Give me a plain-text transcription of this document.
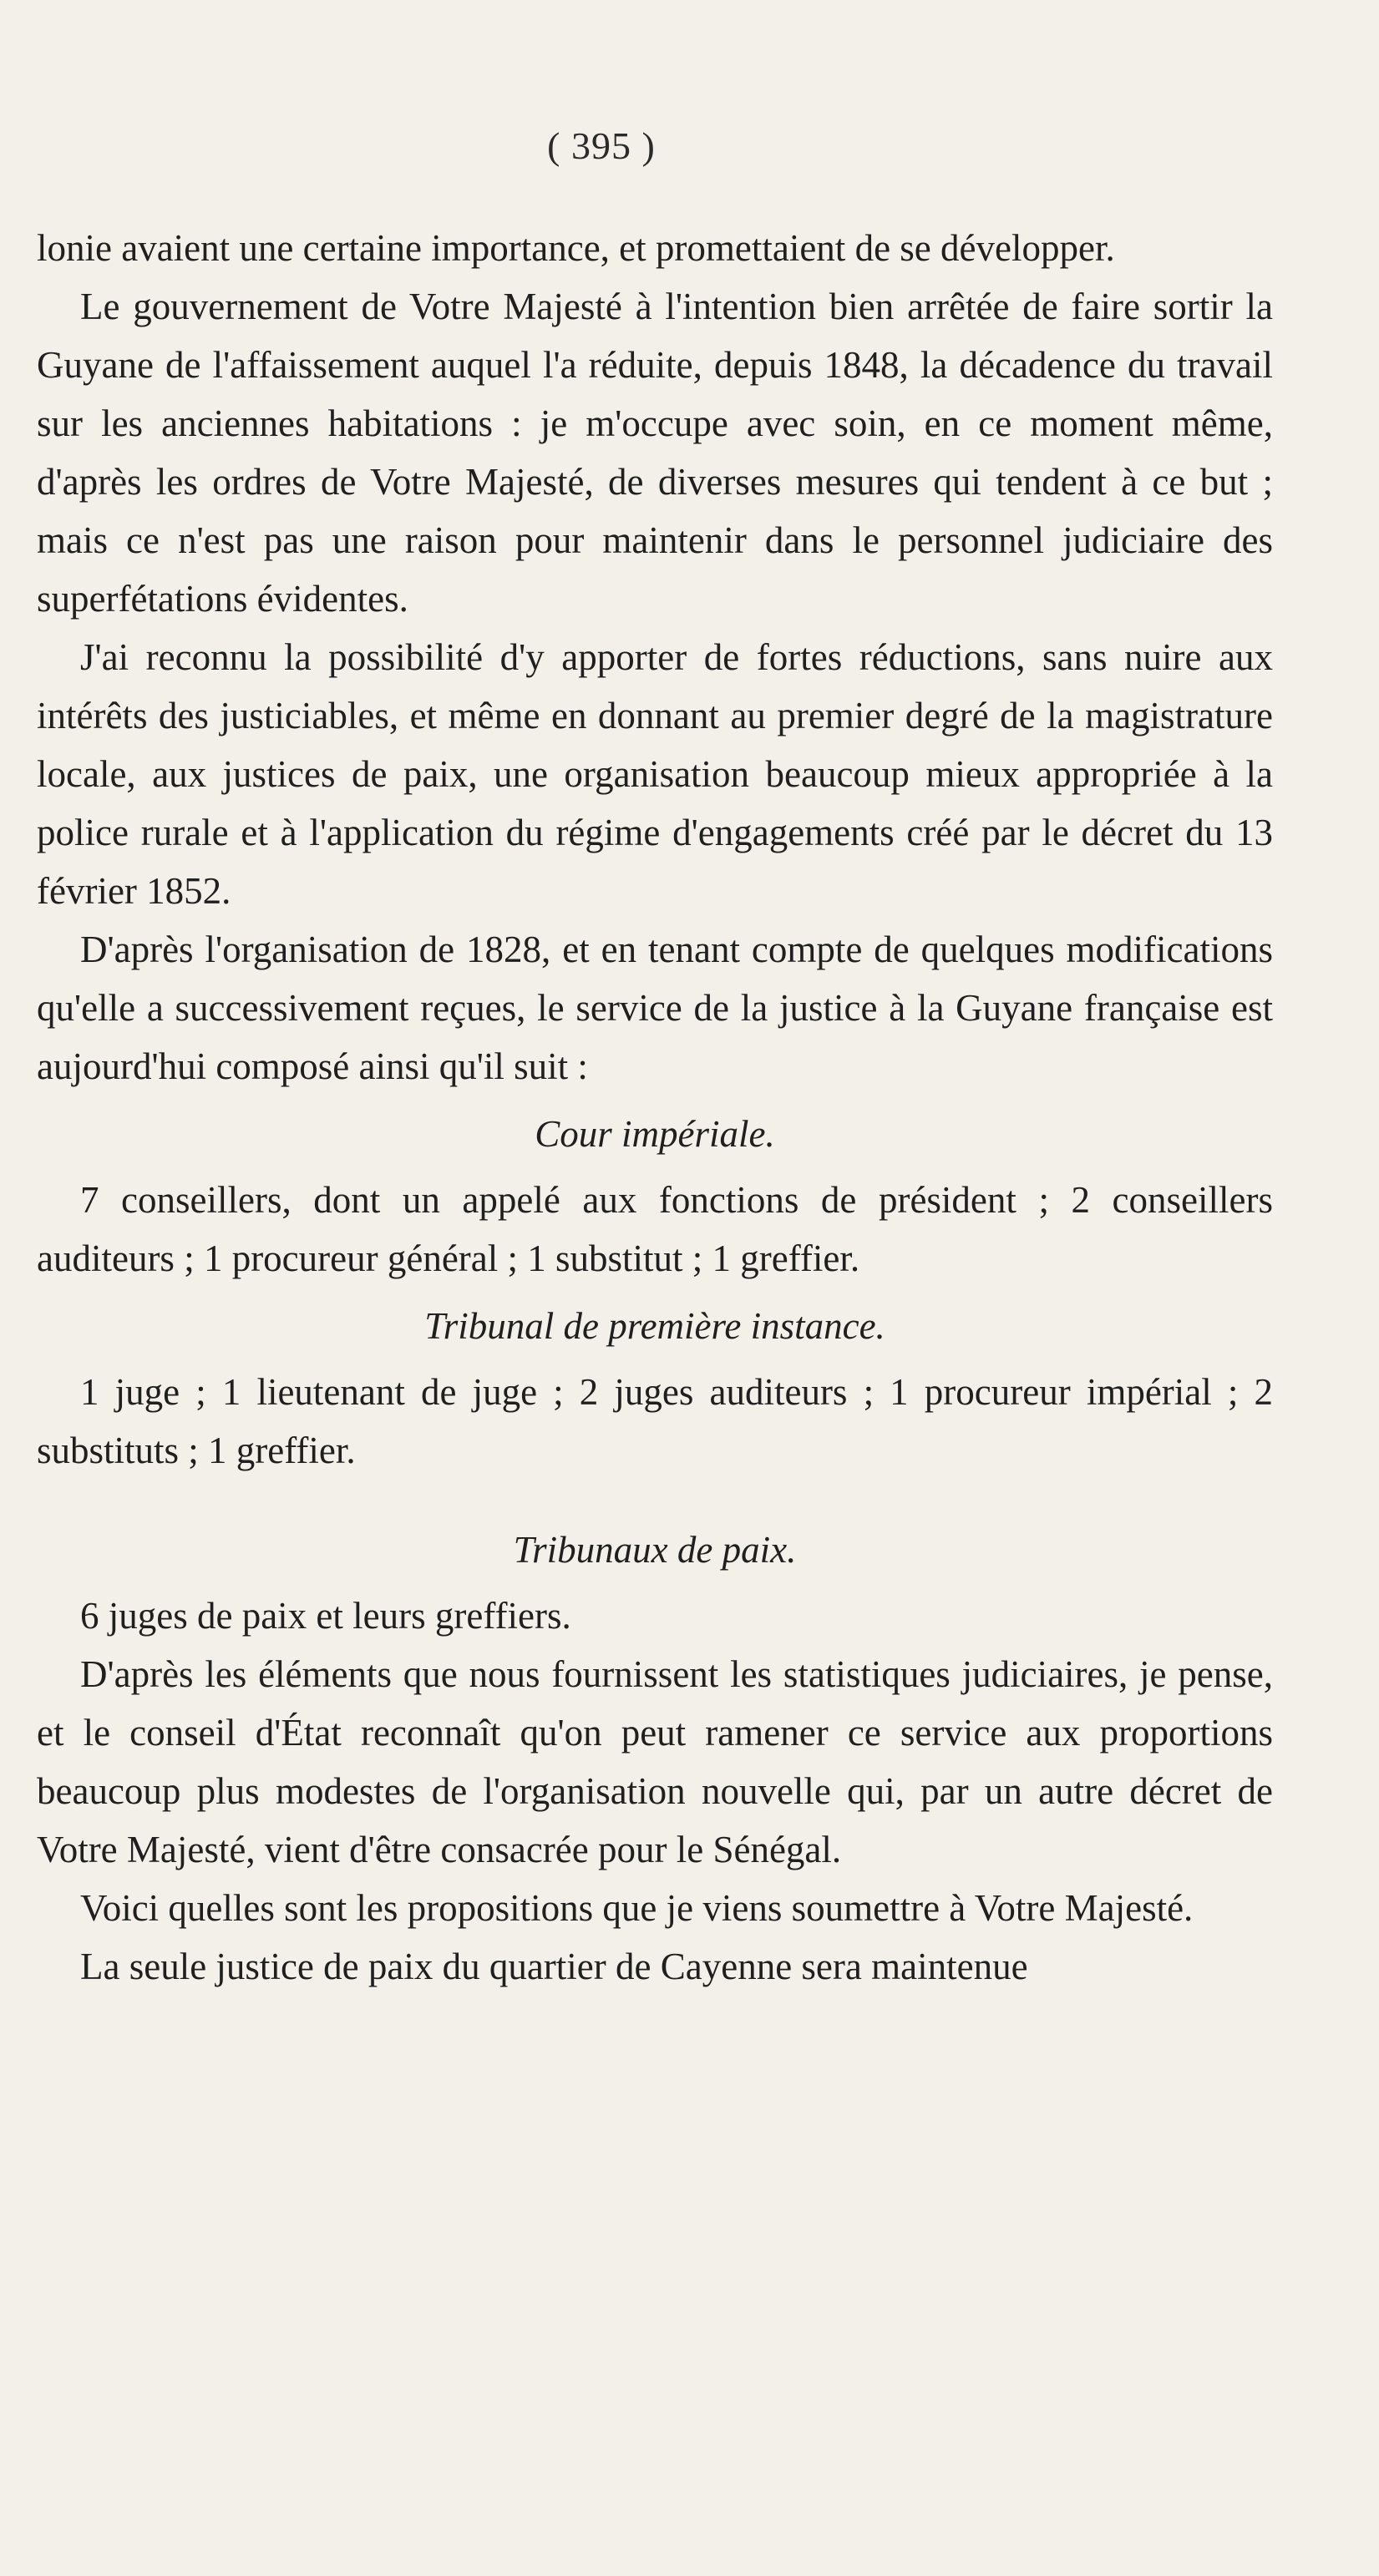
( 395 )

lonie avaient une certaine importance, et promettaient de se développer.

Le gouvernement de Votre Majesté à l'intention bien arrêtée de faire sortir la Guyane de l'affaissement auquel l'a réduite, depuis 1848, la décadence du travail sur les anciennes habitations : je m'occupe avec soin, en ce moment même, d'après les ordres de Votre Majesté, de diverses mesures qui tendent à ce but ; mais ce n'est pas une raison pour maintenir dans le personnel judiciaire des superfétations évidentes.

J'ai reconnu la possibilité d'y apporter de fortes réductions, sans nuire aux intérêts des justiciables, et même en donnant au premier degré de la magistrature locale, aux justices de paix, une organisation beaucoup mieux appropriée à la police rurale et à l'application du régime d'engagements créé par le décret du 13 février 1852.

D'après l'organisation de 1828, et en tenant compte de quelques modifications qu'elle a successivement reçues, le service de la justice à la Guyane française est aujourd'hui composé ainsi qu'il suit :

Cour impériale.

7 conseillers, dont un appelé aux fonctions de président ; 2 conseillers auditeurs ; 1 procureur général ; 1 substitut ; 1 greffier.

Tribunal de première instance.

1 juge ; 1 lieutenant de juge ; 2 juges auditeurs ; 1 procureur impérial ; 2 substituts ; 1 greffier.

Tribunaux de paix.

6 juges de paix et leurs greffiers.

D'après les éléments que nous fournissent les statistiques judiciaires, je pense, et le conseil d'État reconnaît qu'on peut ramener ce service aux proportions beaucoup plus modestes de l'organisation nouvelle qui, par un autre décret de Votre Majesté, vient d'être consacrée pour le Sénégal.

Voici quelles sont les propositions que je viens soumettre à Votre Majesté.

La seule justice de paix du quartier de Cayenne sera maintenue
